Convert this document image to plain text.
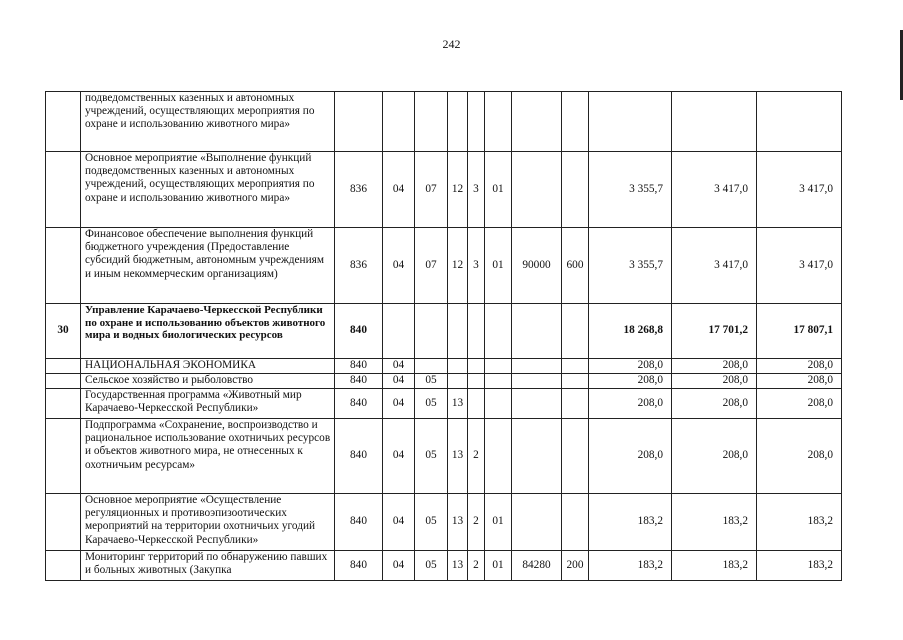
242
	подведомственных казенных и автономных учреждений, осуществляющих мероприятия по охране и использованию животного мира»											
	Основное мероприятие «Выполнение функций подведомственных казенных и автономных учреждений, осуществляющих мероприятия по охране и использованию животного мира»	836	04	07	12	3	01			3 355,7	3 417,0	3 417,0
	Финансовое обеспечение выполнения функций бюджетного учреждения (Предоставление субсидий бюджетным, автономным учреждениям и иным некоммерческим организациям)	836	04	07	12	3	01	90000	600	3 355,7	3 417,0	3 417,0
30	Управление Карачаево-Черкесской Республики по охране и использованию объектов животного мира и водных биологических ресурсов	840								18 268,8	17 701,2	17 807,1
	НАЦИОНАЛЬНАЯ ЭКОНОМИКА	840	04							208,0	208,0	208,0
	Сельское хозяйство и рыболовство	840	04	05						208,0	208,0	208,0
	Государственная программа «Животный мир Карачаево-Черкесской Республики»	840	04	05	13					208,0	208,0	208,0
	Подпрограмма «Сохранение, воспроизводство и рациональное использование охотничьих ресурсов и объектов животного мира, не отнесенных к охотничьим ресурсам»	840	04	05	13	2				208,0	208,0	208,0
	Основное мероприятие «Осуществление регуляционных и противоэпизоотических мероприятий на территории охотничьих угодий Карачаево-Черкесской Республики»	840	04	05	13	2	01			183,2	183,2	183,2
	Мониторинг территорий по обнаружению павших и больных животных (Закупка	840	04	05	13	2	01	84280	200	183,2	183,2	183,2
